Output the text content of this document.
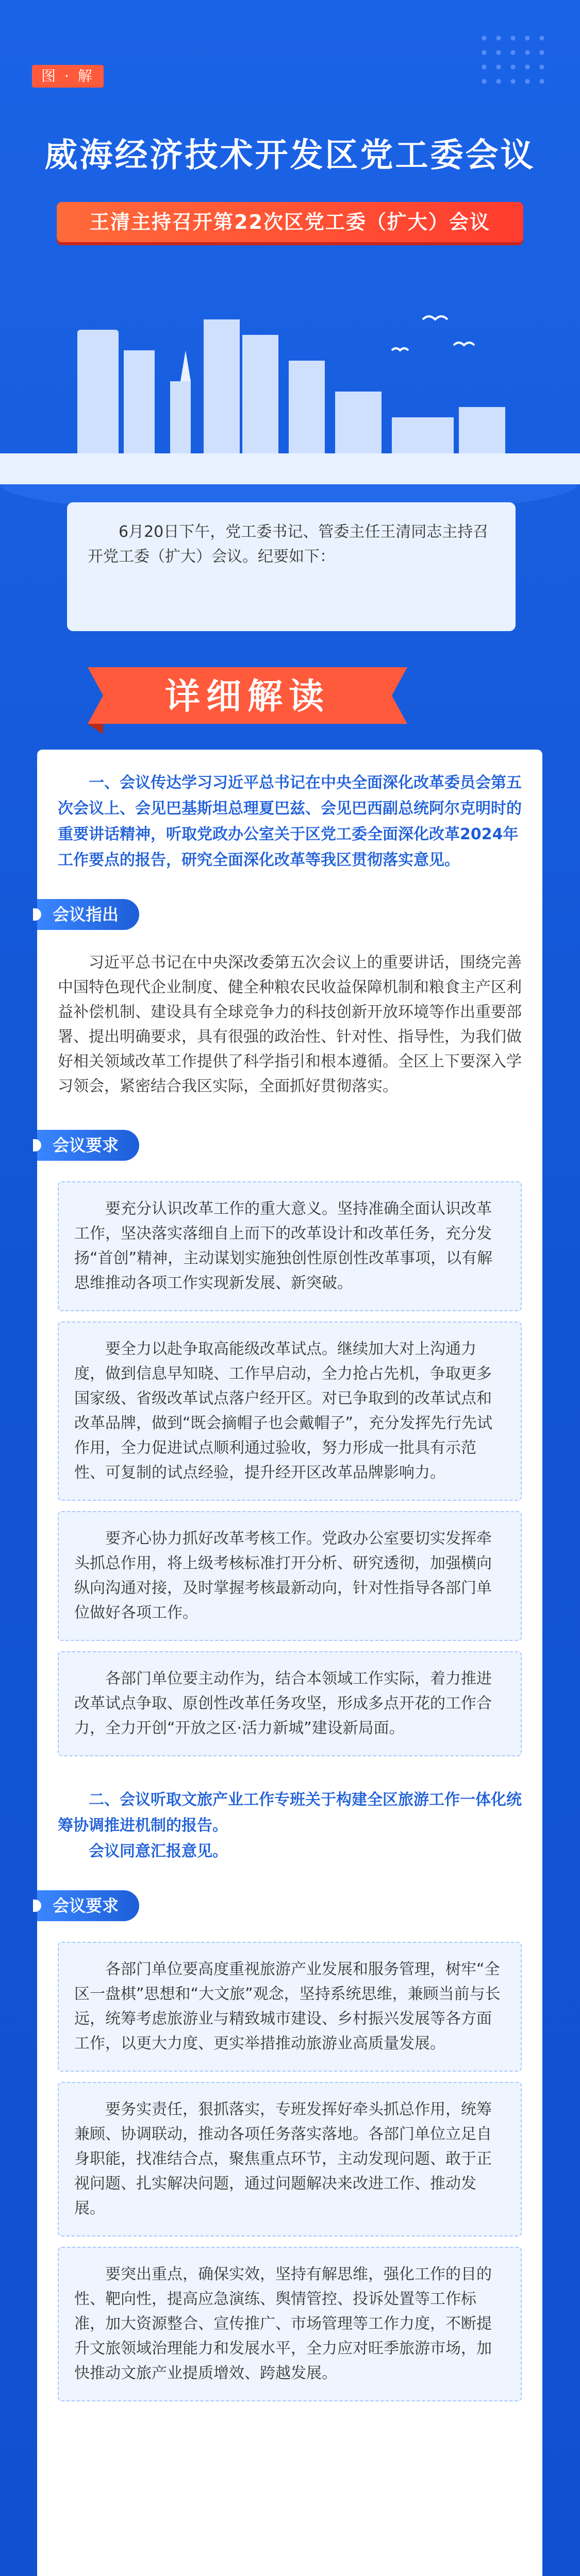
图 · 解
威海经济技术开发区党工委会议
王清主持召开第22次区党工委（扩大）会议
6月20日下午，党工委书记、管委主任王清同志主持召开党工委（扩大）会议。纪要如下：
详细解读
一、会议传达学习习近平总书记在中央全面深化改革委员会第五次会议上、会见巴基斯坦总理夏巴兹、会见巴西副总统阿尔克明时的重要讲话精神，听取党政办公室关于区党工委全面深化改革2024年工作要点的报告，研究全面深化改革等我区贯彻落实意见。
会议指出
习近平总书记在中央深改委第五次会议上的重要讲话，围绕完善中国特色现代企业制度、健全种粮农民收益保障机制和粮食主产区利益补偿机制、建设具有全球竞争力的科技创新开放环境等作出重要部署、提出明确要求，具有很强的政治性、针对性、指导性，为我们做好相关领域改革工作提供了科学指引和根本遵循。全区上下要深入学习领会，紧密结合我区实际，全面抓好贯彻落实。
会议要求
要充分认识改革工作的重大意义。坚持准确全面认识改革工作，坚决落实落细自上而下的改革设计和改革任务，充分发扬“首创”精神，主动谋划实施独创性原创性改革事项，以有解思维推动各项工作实现新发展、新突破。
要全力以赴争取高能级改革试点。继续加大对上沟通力度，做到信息早知晓、工作早启动，全力抢占先机，争取更多国家级、省级改革试点落户经开区。对已争取到的改革试点和改革品牌，做到“既会摘帽子也会戴帽子”，充分发挥先行先试作用，全力促进试点顺利通过验收，努力形成一批具有示范性、可复制的试点经验，提升经开区改革品牌影响力。
要齐心协力抓好改革考核工作。党政办公室要切实发挥牵头抓总作用，将上级考核标准打开分析、研究透彻，加强横向纵向沟通对接，及时掌握考核最新动向，针对性指导各部门单位做好各项工作。
各部门单位要主动作为，结合本领域工作实际，着力推进改革试点争取、原创性改革任务攻坚，形成多点开花的工作合力，全力开创“开放之区·活力新城”建设新局面。
二、会议听取文旅产业工作专班关于构建全区旅游工作一体化统筹协调推进机制的报告。
会议同意汇报意见。
会议要求
各部门单位要高度重视旅游产业发展和服务管理，树牢“全区一盘棋”思想和“大文旅”观念，坚持系统思维，兼顾当前与长远，统筹考虑旅游业与精致城市建设、乡村振兴发展等各方面工作，以更大力度、更实举措推动旅游业高质量发展。
要务实责任，狠抓落实，专班发挥好牵头抓总作用，统筹兼顾、协调联动，推动各项任务落实落地。各部门单位立足自身职能，找准结合点，聚焦重点环节，主动发现问题、敢于正视问题、扎实解决问题，通过问题解决来改进工作、推动发展。
要突出重点，确保实效，坚持有解思维，强化工作的目的性、靶向性，提高应急演练、舆情管控、投诉处置等工作标准，加大资源整合、宣传推广、市场管理等工作力度，不断提升文旅领域治理能力和发展水平，全力应对旺季旅游市场，加快推动文旅产业提质增效、跨越发展。
